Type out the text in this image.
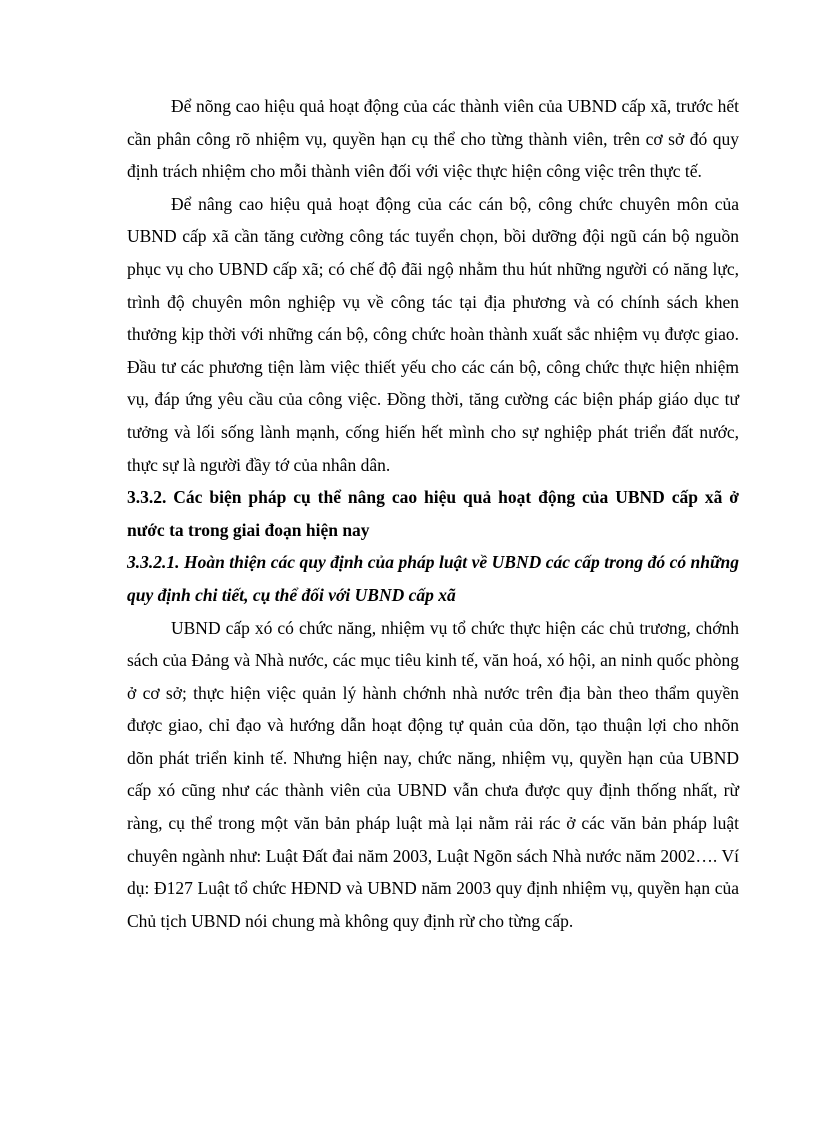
Để nõng cao hiệu quả hoạt động của các thành viên của UBND cấp xã, trước hết cần phân công rõ nhiệm vụ, quyền hạn cụ thể cho từng thành viên, trên cơ sở đó quy định trách nhiệm cho mỗi thành viên đối với việc thực hiện công việc trên thực tế.

Để nâng cao hiệu quả hoạt động của các cán bộ, công chức chuyên môn của UBND cấp xã cần tăng cường công tác tuyển chọn, bồi dưỡng đội ngũ cán bộ nguồn phục vụ cho UBND cấp xã; có chế độ đãi ngộ nhằm thu hút những người có năng lực, trình độ chuyên môn nghiệp vụ về công tác tại địa phương và có chính sách khen thưởng kịp thời với những cán bộ, công chức hoàn thành xuất sắc nhiệm vụ được giao. Đầu tư các phương tiện làm việc thiết yếu cho các cán bộ, công chức thực hiện nhiệm vụ, đáp ứng yêu cầu của công việc. Đồng thời, tăng cường các biện pháp giáo dục tư tưởng và lối sống lành mạnh, cống hiến hết mình cho sự nghiệp phát triển đất nước, thực sự là người đầy tớ của nhân dân.

3.3.2. Các biện pháp cụ thể nâng cao hiệu quả hoạt động của UBND cấp xã ở nước ta trong giai đoạn hiện nay

3.3.2.1. Hoàn thiện các quy định của pháp luật về UBND các cấp trong đó có những quy định chi tiết, cụ thể đối với UBND cấp xã

UBND cấp xó có chức năng, nhiệm vụ tổ chức thực hiện các chủ trương, chớnh sách của Đảng và Nhà nước, các mục tiêu kinh tế, văn hoá, xó hội, an ninh quốc phòng ở cơ sở; thực hiện việc quản lý hành chớnh nhà nước trên địa bàn theo thẩm quyền được giao, chỉ đạo và hướng dẫn hoạt động tự quản của dõn, tạo thuận lợi cho nhõn dõn phát triển kinh tế. Nhưng hiện nay, chức năng, nhiệm vụ, quyền hạn của UBND cấp xó cũng như các thành viên của UBND vẫn chưa được quy định thống nhất, rừ ràng, cụ thể trong một văn bản pháp luật mà lại nằm rải rác ở các văn bản pháp luật chuyên ngành như: Luật Đất đai năm 2003, Luật Ngõn sách Nhà nước năm 2002…. Ví dụ: Đ127 Luật tổ chức HĐND và UBND năm 2003 quy định nhiệm vụ, quyền hạn của Chủ tịch UBND nói chung mà không quy định rừ cho từng cấp.
